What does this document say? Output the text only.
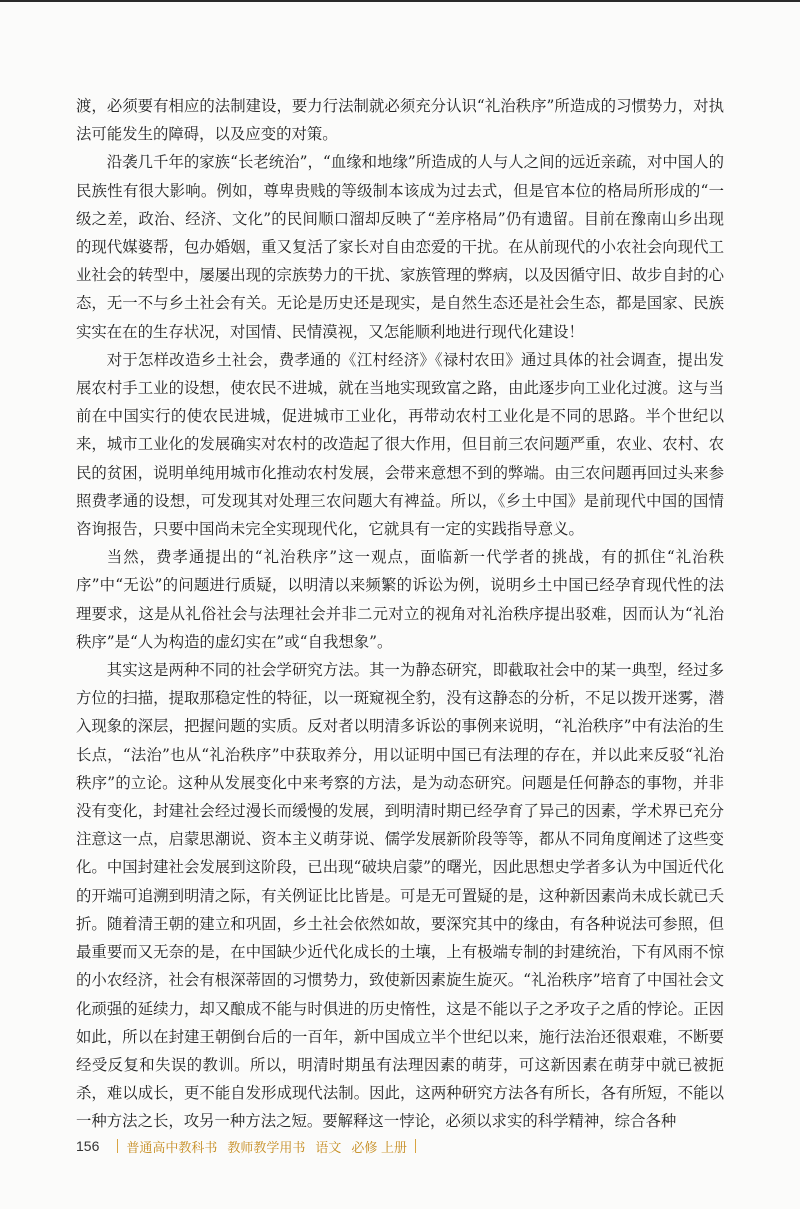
渡，必须要有相应的法制建设，要力行法制就必须充分认识“礼治秩序”所造成的习惯势力，对执法可能发生的障碍，以及应变的对策。

沿袭几千年的家族“长老统治”，“血缘和地缘”所造成的人与人之间的远近亲疏，对中国人的民族性有很大影响。例如，尊卑贵贱的等级制本该成为过去式，但是官本位的格局所形成的“一级之差，政治、经济、文化”的民间顺口溜却反映了“差序格局”仍有遗留。目前在豫南山乡出现的现代媒婆帮，包办婚姻，重又复活了家长对自由恋爱的干扰。在从前现代的小农社会向现代工业社会的转型中，屡屡出现的宗族势力的干扰、家族管理的弊病，以及因循守旧、故步自封的心态，无一不与乡土社会有关。无论是历史还是现实，是自然生态还是社会生态，都是国家、民族实实在在的生存状况，对国情、民情漠视，又怎能顺利地进行现代化建设！

对于怎样改造乡土社会，费孝通的《江村经济》《禄村农田》通过具体的社会调查，提出发展农村手工业的设想，使农民不进城，就在当地实现致富之路，由此逐步向工业化过渡。这与当前在中国实行的使农民进城，促进城市工业化，再带动农村工业化是不同的思路。半个世纪以来，城市工业化的发展确实对农村的改造起了很大作用，但目前三农问题严重，农业、农村、农民的贫困，说明单纯用城市化推动农村发展，会带来意想不到的弊端。由三农问题再回过头来参照费孝通的设想，可发现其对处理三农问题大有裨益。所以，《乡土中国》是前现代中国的国情咨询报告，只要中国尚未完全实现现代化，它就具有一定的实践指导意义。

当然，费孝通提出的“礼治秩序”这一观点，面临新一代学者的挑战，有的抓住“礼治秩序”中“无讼”的问题进行质疑，以明清以来频繁的诉讼为例，说明乡土中国已经孕育现代性的法理要求，这是从礼俗社会与法理社会并非二元对立的视角对礼治秩序提出驳难，因而认为“礼治秩序”是“人为构造的虚幻实在”或“自我想象”。

其实这是两种不同的社会学研究方法。其一为静态研究，即截取社会中的某一典型，经过多方位的扫描，提取那稳定性的特征，以一斑窥视全豹，没有这静态的分析，不足以拨开迷雾，潜入现象的深层，把握问题的实质。反对者以明清多诉讼的事例来说明，“礼治秩序”中有法治的生长点，“法治”也从“礼治秩序”中获取养分，用以证明中国已有法理的存在，并以此来反驳“礼治秩序”的立论。这种从发展变化中来考察的方法，是为动态研究。问题是任何静态的事物，并非没有变化，封建社会经过漫长而缓慢的发展，到明清时期已经孕育了异己的因素，学术界已充分注意这一点，启蒙思潮说、资本主义萌芽说、儒学发展新阶段等等，都从不同角度阐述了这些变化。中国封建社会发展到这阶段，已出现“破块启蒙”的曙光，因此思想史学者多认为中国近代化的开端可追溯到明清之际，有关例证比比皆是。可是无可置疑的是，这种新因素尚未成长就已夭折。随着清王朝的建立和巩固，乡土社会依然如故，要深究其中的缘由，有各种说法可参照，但最重要而又无奈的是，在中国缺少近代化成长的土壤，上有极端专制的封建统治，下有风雨不惊的小农经济，社会有根深蒂固的习惯势力，致使新因素旋生旋灭。“礼治秩序”培育了中国社会文化顽强的延续力，却又酿成不能与时俱进的历史惰性，这是不能以子之矛攻子之盾的悖论。正因如此，所以在封建王朝倒台后的一百年，新中国成立半个世纪以来，施行法治还很艰难，不断要经受反复和失误的教训。所以，明清时期虽有法理因素的萌芽，可这新因素在萌芽中就已被扼杀，难以成长，更不能自发形成现代法制。因此，这两种研究方法各有所长，各有所短，不能以一种方法之长，攻另一种方法之短。要解释这一悖论，必须以求实的科学精神，综合各种

156 普通高中教科书 教师教学用书 语文 必修 上册
